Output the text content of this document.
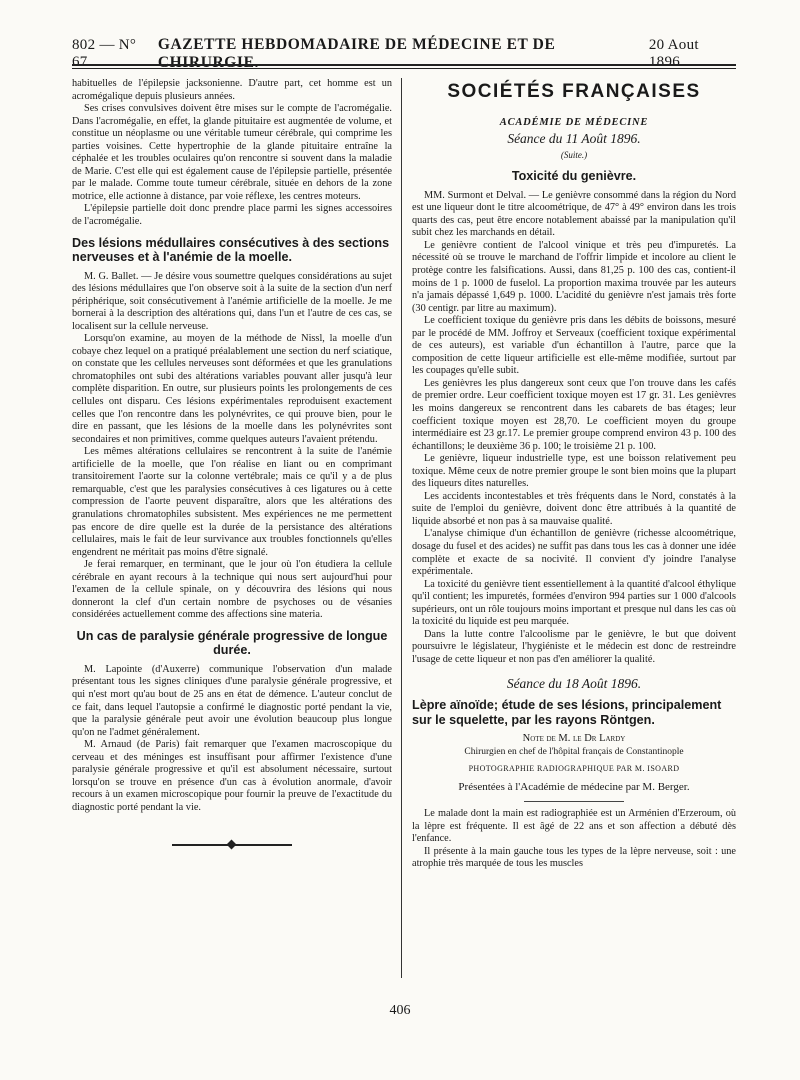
802 — N° 67.
GAZETTE HEBDOMADAIRE DE MÉDECINE ET DE CHIRURGIE.
20 Aout 1896.

habituelles de l'épilepsie jacksonienne. D'autre part, cet homme est un acromégalique depuis plusieurs années.

Ses crises convulsives doivent être mises sur le compte de l'acromégalie. Dans l'acromégalie, en effet, la glande pituitaire est augmentée de volume, et constitue un néoplasme ou une véritable tumeur cérébrale, qui comprime les parties voisines. Cette hypertrophie de la glande pituitaire entraîne la céphalée et les troubles oculaires qu'on rencontre si souvent dans la maladie de Marie. C'est elle qui est également cause de l'épilepsie partielle, présentée par le malade. Comme toute tumeur cérébrale, située en dehors de la zone motrice, elle actionne à distance, par voie réflexe, les centres moteurs.

L'épilepsie partielle doit donc prendre place parmi les signes accessoires de l'acromégalie.

Des lésions médullaires consécutives à des sections nerveuses et à l'anémie de la moelle.

M. G. Ballet. — Je désire vous soumettre quelques considérations au sujet des lésions médullaires que l'on observe soit à la suite de la section d'un nerf périphérique, soit consécutivement à l'anémie artificielle de la moelle. Je me bornerai à la description des altérations qui, dans l'un et l'autre de ces cas, se localisent sur la cellule nerveuse.

Lorsqu'on examine, au moyen de la méthode de Nissl, la moelle d'un cobaye chez lequel on a pratiqué préalablement une section du nerf sciatique, on constate que les cellules nerveuses sont déformées et que les granulations chromatophiles ont subi des altérations variables pouvant aller jusqu'à leur complète disparition. En outre, sur plusieurs points les prolongements de ces cellules ont disparu. Ces lésions expérimentales reproduisent exactement celles que l'on rencontre dans les polynévrites, ce qui prouve bien, pour le dire en passant, que les lésions de la moelle dans les polynévrites sont secondaires et non primitives, comme quelques auteurs l'avaient prétendu.

Les mêmes altérations cellulaires se rencontrent à la suite de l'anémie artificielle de la moelle, que l'on réalise en liant ou en comprimant transitoirement l'aorte sur la colonne vertébrale; mais ce qu'il y a de plus remarquable, c'est que les paralysies consécutives à ces ligatures ou à cette compression de l'aorte peuvent disparaître, alors que les altérations des granulations chromatophiles subsistent. Mes expériences ne me permettent pas encore de dire quelle est la durée de la persistance des altérations cellulaires, mais le fait de leur survivance aux troubles fonctionnels qu'elles engendrent ne méritait pas moins d'être signalé.

Je ferai remarquer, en terminant, que le jour où l'on étudiera la cellule cérébrale en ayant recours à la technique qui nous sert aujourd'hui pour l'examen de la cellule spinale, on y découvrira des lésions qui nous donneront la clef d'un certain nombre de psychoses ou de vésanies considérées actuellement comme des affections sine materia.

Un cas de paralysie générale progressive de longue durée.

M. Lapointe (d'Auxerre) communique l'observation d'un malade présentant tous les signes cliniques d'une paralysie générale progressive, et qui n'est mort qu'au bout de 25 ans en état de démence. L'auteur conclut de ce fait, dans lequel l'autopsie a confirmé le diagnostic porté pendant la vie, que la paralysie générale peut avoir une évolution beaucoup plus longue qu'on ne l'admet généralement.

M. Arnaud (de Paris) fait remarquer que l'examen macroscopique du cerveau et des méninges est insuffisant pour affirmer l'existence d'une paralysie générale progressive et qu'il est absolument nécessaire, surtout lorsqu'on se trouve en présence d'un cas à évolution anormale, d'avoir recours à un examen microscopique pour fournir la preuve de l'exactitude du diagnostic porté pendant la vie.

SOCIÉTÉS FRANÇAISES
ACADÉMIE DE MÉDECINE
Séance du 11 Août 1896.
(Suite.)
Toxicité du genièvre.

MM. Surmont et Delval. — Le genièvre consommé dans la région du Nord est une liqueur dont le titre alcoométrique, de 47° à 49° environ dans les trois quarts des cas, peut être encore notablement abaissé par la manipulation qu'il subit chez les marchands en détail.

Le genièvre contient de l'alcool vinique et très peu d'impuretés. La nécessité où se trouve le marchand de l'offrir limpide et incolore au client le protège contre les falsifications. Aussi, dans 81,25 p. 100 des cas, contient-il moins de 1 p. 1000 de fuselol. La proportion maxima trouvée par les auteurs n'a jamais dépassé 1,649 p. 1000. L'acidité du genièvre n'est jamais très forte (30 centigr. par litre au maximum).

Le coefficient toxique du genièvre pris dans les débits de boissons, mesuré par le procédé de MM. Joffroy et Serveaux (coefficient toxique expérimental de ces auteurs), est variable d'un échantillon à l'autre, parce que la composition de cette liqueur artificielle est elle-même modifiée, surtout par les coupages qu'elle subit.

Les genièvres les plus dangereux sont ceux que l'on trouve dans les cafés de premier ordre. Leur coefficient toxique moyen est 17 gr. 31. Les genièvres les moins dangereux se rencontrent dans les cabarets de bas étages; leur coefficient toxique moyen est 28,70. Le coefficient moyen du groupe intermédiaire est 23 gr.17. Le premier groupe comprend environ 43 p. 100 des échantillons; le deuxième 36 p. 100; le troisième 21 p. 100.

Le genièvre, liqueur industrielle type, est une boisson relativement peu toxique. Même ceux de notre premier groupe le sont bien moins que la plupart des liqueurs dites naturelles.

Les accidents incontestables et très fréquents dans le Nord, constatés à la suite de l'emploi du genièvre, doivent donc être attribués à la quantité de liquide absorbé et non pas à sa mauvaise qualité.

L'analyse chimique d'un échantillon de genièvre (richesse alcoométrique, dosage du fusel et des acides) ne suffit pas dans tous les cas à donner une idée complète et exacte de sa nocivité. Il convient d'y joindre l'analyse expérimentale.

La toxicité du genièvre tient essentiellement à la quantité d'alcool éthylique qu'il contient; les impuretés, formées d'environ 994 parties sur 1 000 d'alcools supérieurs, ont un rôle toujours moins important et presque nul dans les cas où la toxicité du liquide est peu marquée.

Dans la lutte contre l'alcoolisme par le genièvre, le but que doivent poursuivre le législateur, l'hygiéniste et le médecin est donc de restreindre l'usage de cette liqueur et non pas d'en améliorer la qualité.

Séance du 18 Août 1896.
Lèpre aïnoïde; étude de ses lésions, principalement sur le squelette, par les rayons Röntgen.
Note de M. le Dr Lardy
Chirurgien en chef de l'hôpital français de Constantinople
PHOTOGRAPHIE RADIOGRAPHIQUE PAR M. ISOARD
Présentées à l'Académie de médecine par M. Berger.

Le malade dont la main est radiographiée est un Arménien d'Erzeroum, où la lèpre est fréquente. Il est âgé de 22 ans et son affection a débuté dès l'enfance.

Il présente à la main gauche tous les types de la lèpre nerveuse, soit : une atrophie très marquée de tous les muscles

406
